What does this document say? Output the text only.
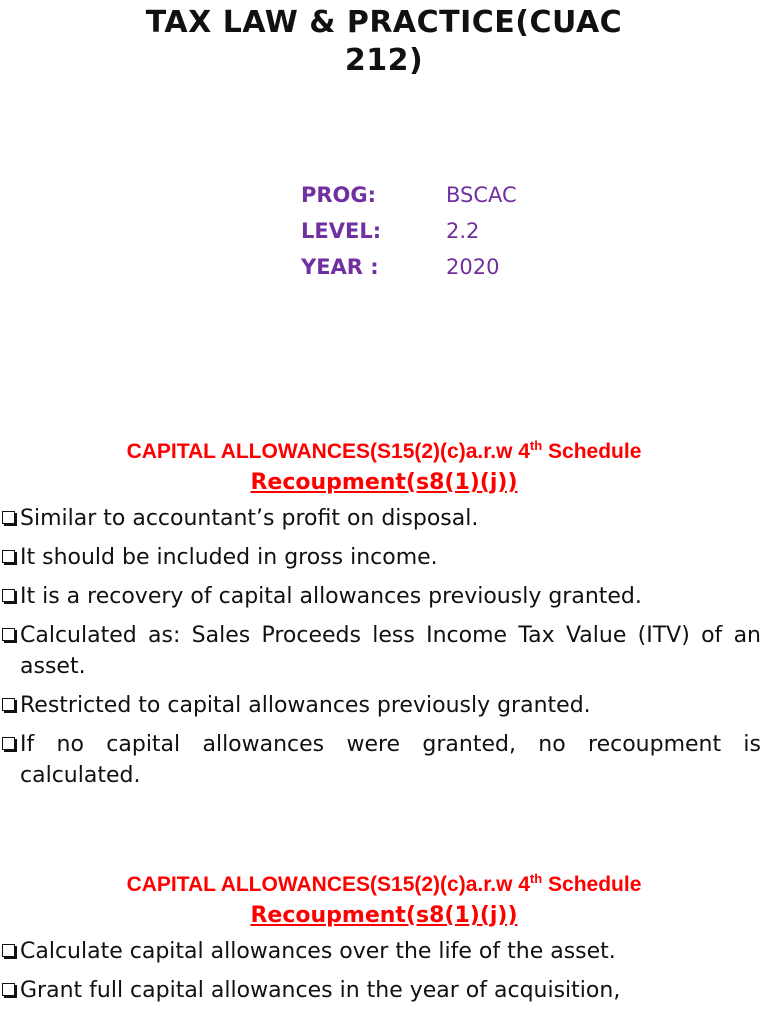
TAX LAW & PRACTICE(CUAC
212)
PROG:	BSCAC
LEVEL:	2.2
YEAR :	2020
CAPITAL ALLOWANCES(S15(2)(c)a.r.w 4th Schedule
Recoupment(s8(1)(j))
Similar to accountant’s profit on disposal.
It should be included in gross income.
It is a recovery of capital allowances previously granted.
Calculated as: Sales Proceeds less Income Tax Value (ITV) of an asset.
Restricted to capital allowances previously granted.
If no capital allowances were granted, no recoupment is calculated.
CAPITAL ALLOWANCES(S15(2)(c)a.r.w 4th Schedule
Recoupment(s8(1)(j))
Calculate capital allowances over the life of the asset.
Grant full capital allowances in the year of acquisition,
